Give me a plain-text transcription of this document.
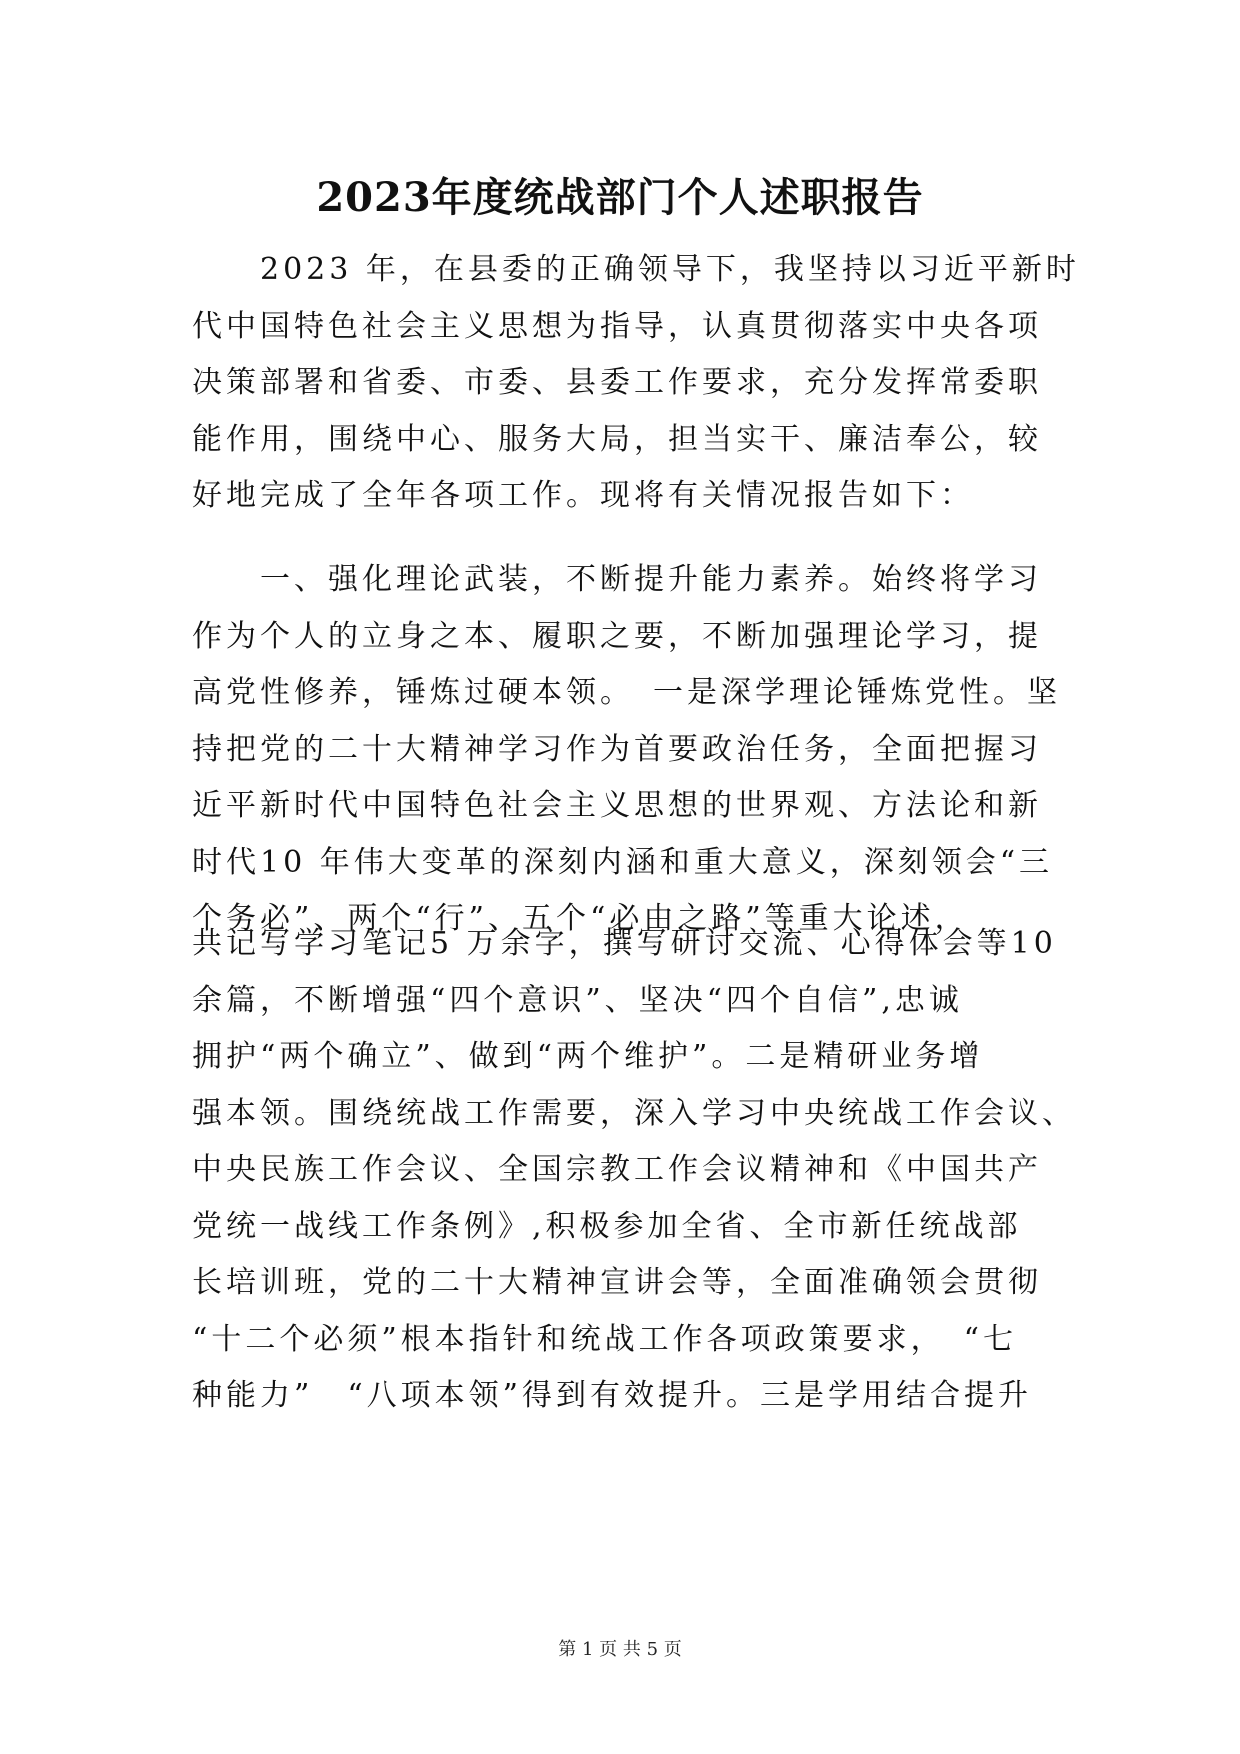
2023年度统战部门个人述职报告
　　2023 年，在县委的正确领导下，我坚持以习近平新时
代中国特色社会主义思想为指导，认真贯彻落实中央各项
决策部署和省委、市委、县委工作要求，充分发挥常委职
能作用，围绕中心、服务大局，担当实干、廉洁奉公，较
好地完成了全年各项工作。现将有关情况报告如下：
　　一、强化理论武装，不断提升能力素养。始终将学习
作为个人的立身之本、履职之要，不断加强理论学习，提
高党性修养，锤炼过硬本领。　一是深学理论锤炼党性。坚
持把党的二十大精神学习作为首要政治任务，全面把握习
近平新时代中国特色社会主义思想的世界观、方法论和新
时代10 年伟大变革的深刻内涵和重大意义，深刻领会“三
个务必”、两个“行”、五个“必由之路”等重大论述，
共记写学习笔记5 万余字，撰写研讨交流、心得体会等10
余篇，不断增强“四个意识”、坚决“四个自信”,忠诚
拥护“两个确立”、做到“两个维护”。二是精研业务增
强本领。围绕统战工作需要，深入学习中央统战工作会议、
中央民族工作会议、全国宗教工作会议精神和《中国共产
党统一战线工作条例》,积极参加全省、全市新任统战部
长培训班，党的二十大精神宣讲会等，全面准确领会贯彻
“十二个必须”根本指针和统战工作各项政策要求，　“七
种能力”　“八项本领”得到有效提升。三是学用结合提升
第 1 页 共 5 页
